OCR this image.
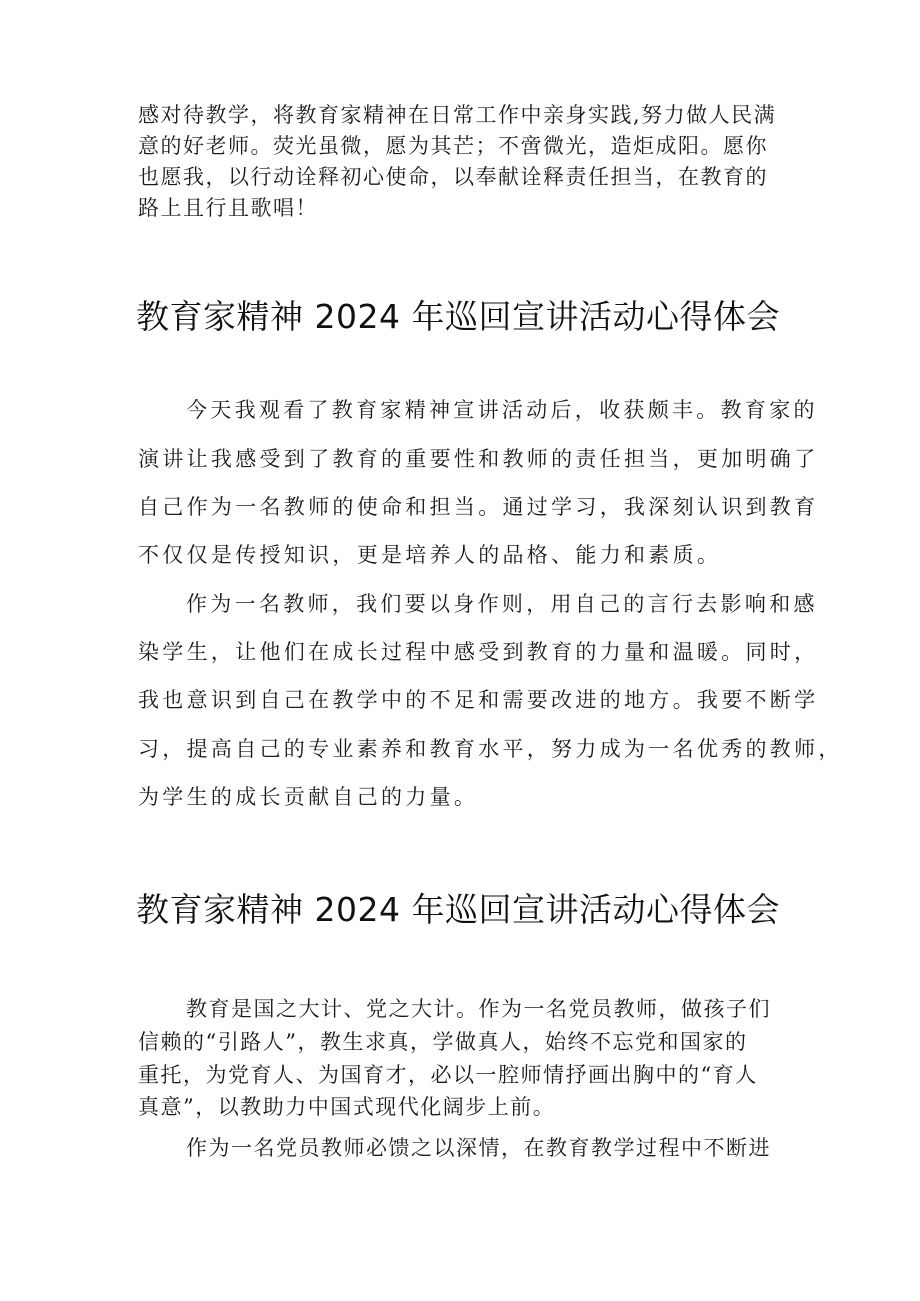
感对待教学，将教育家精神在日常工作中亲身实践,努力做人民满
意的好老师。荧光虽微，愿为其芒；不啻微光，造炬成阳。愿你
也愿我，以行动诠释初心使命，以奉献诠释责任担当，在教育的
路上且行且歌唱！
教育家精神 2024 年巡回宣讲活动心得体会
今天我观看了教育家精神宣讲活动后，收获颇丰。教育家的
演讲让我感受到了教育的重要性和教师的责任担当，更加明确了
自己作为一名教师的使命和担当。通过学习，我深刻认识到教育
不仅仅是传授知识，更是培养人的品格、能力和素质。
作为一名教师，我们要以身作则，用自己的言行去影响和感
染学生，让他们在成长过程中感受到教育的力量和温暖。同时，
我也意识到自己在教学中的不足和需要改进的地方。我要不断学
习，提高自己的专业素养和教育水平，努力成为一名优秀的教师，
为学生的成长贡献自己的力量。
教育家精神 2024 年巡回宣讲活动心得体会
教育是国之大计、党之大计。作为一名党员教师，做孩子们
信赖的“引路人”，教生求真，学做真人，始终不忘党和国家的
重托，为党育人、为国育才，必以一腔师情抒画出胸中的“育人
真意”，以教助力中国式现代化阔步上前。
作为一名党员教师必馈之以深情，在教育教学过程中不断进
